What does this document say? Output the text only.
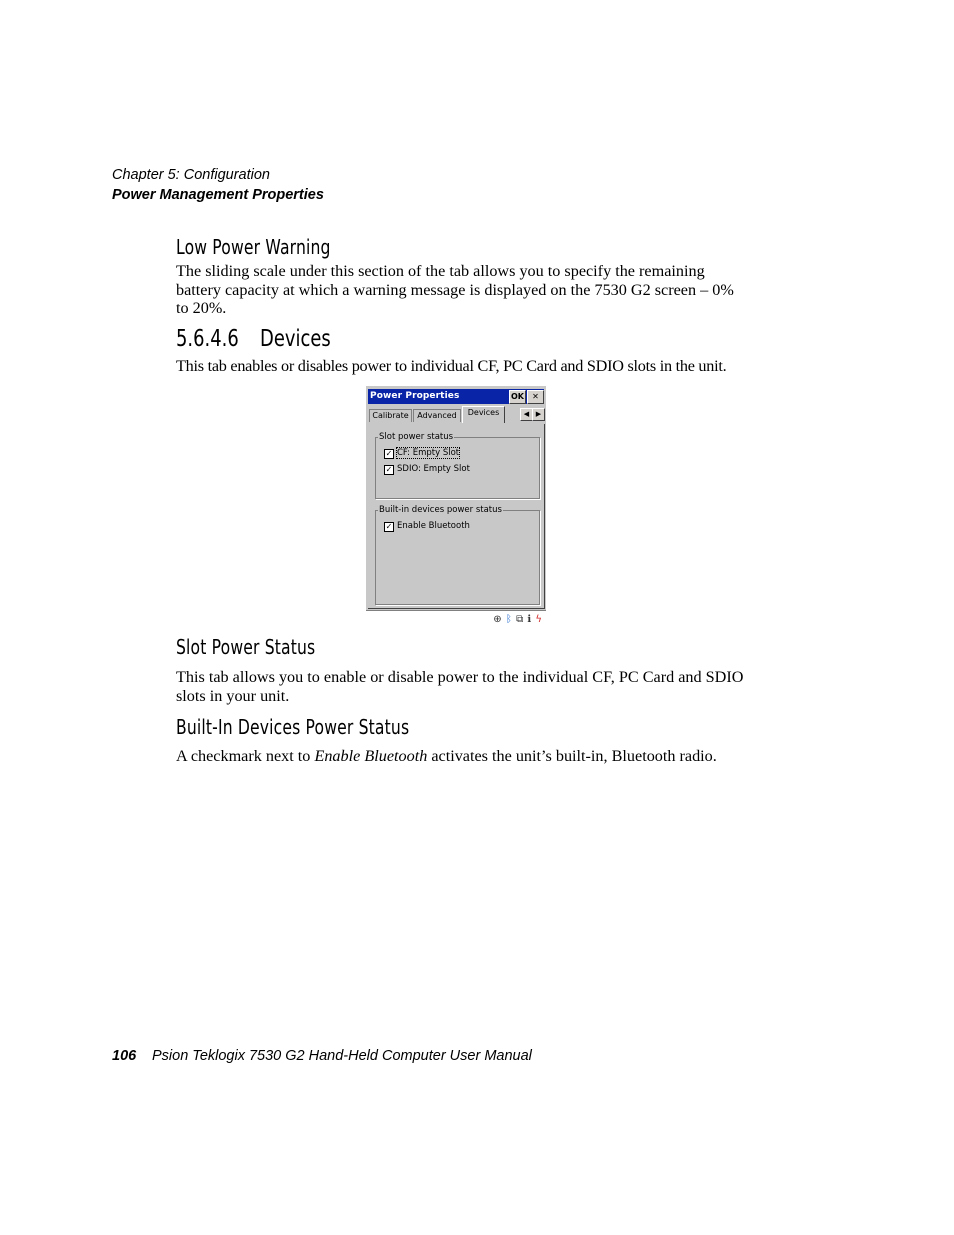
Chapter 5: Configuration
Power Management Properties
Low Power Warning
The sliding scale under this section of the tab allows you to specify the remaining battery capacity at which a warning message is displayed on the 7530 G2 screen – 0% to 20%.
5.6.4.6 Devices
This tab enables or disables power to individual CF, PC Card and SDIO slots in the unit.
Power Properties	OK	✕
Calibrate	Advanced	Devices	◀ ▶
Slot power status
✓ CF: Empty Slot
✓ SDIO: Empty Slot
Built-in devices power status
✓ Enable Bluetooth
⊕ ᛒ ⧉ ℹ ϟ
Slot Power Status
This tab allows you to enable or disable power to the individual CF, PC Card and SDIO slots in your unit.
Built-In Devices Power Status
A checkmark next to Enable Bluetooth activates the unit’s built-in, Bluetooth radio.
106 Psion Teklogix 7530 G2 Hand-Held Computer User Manual
